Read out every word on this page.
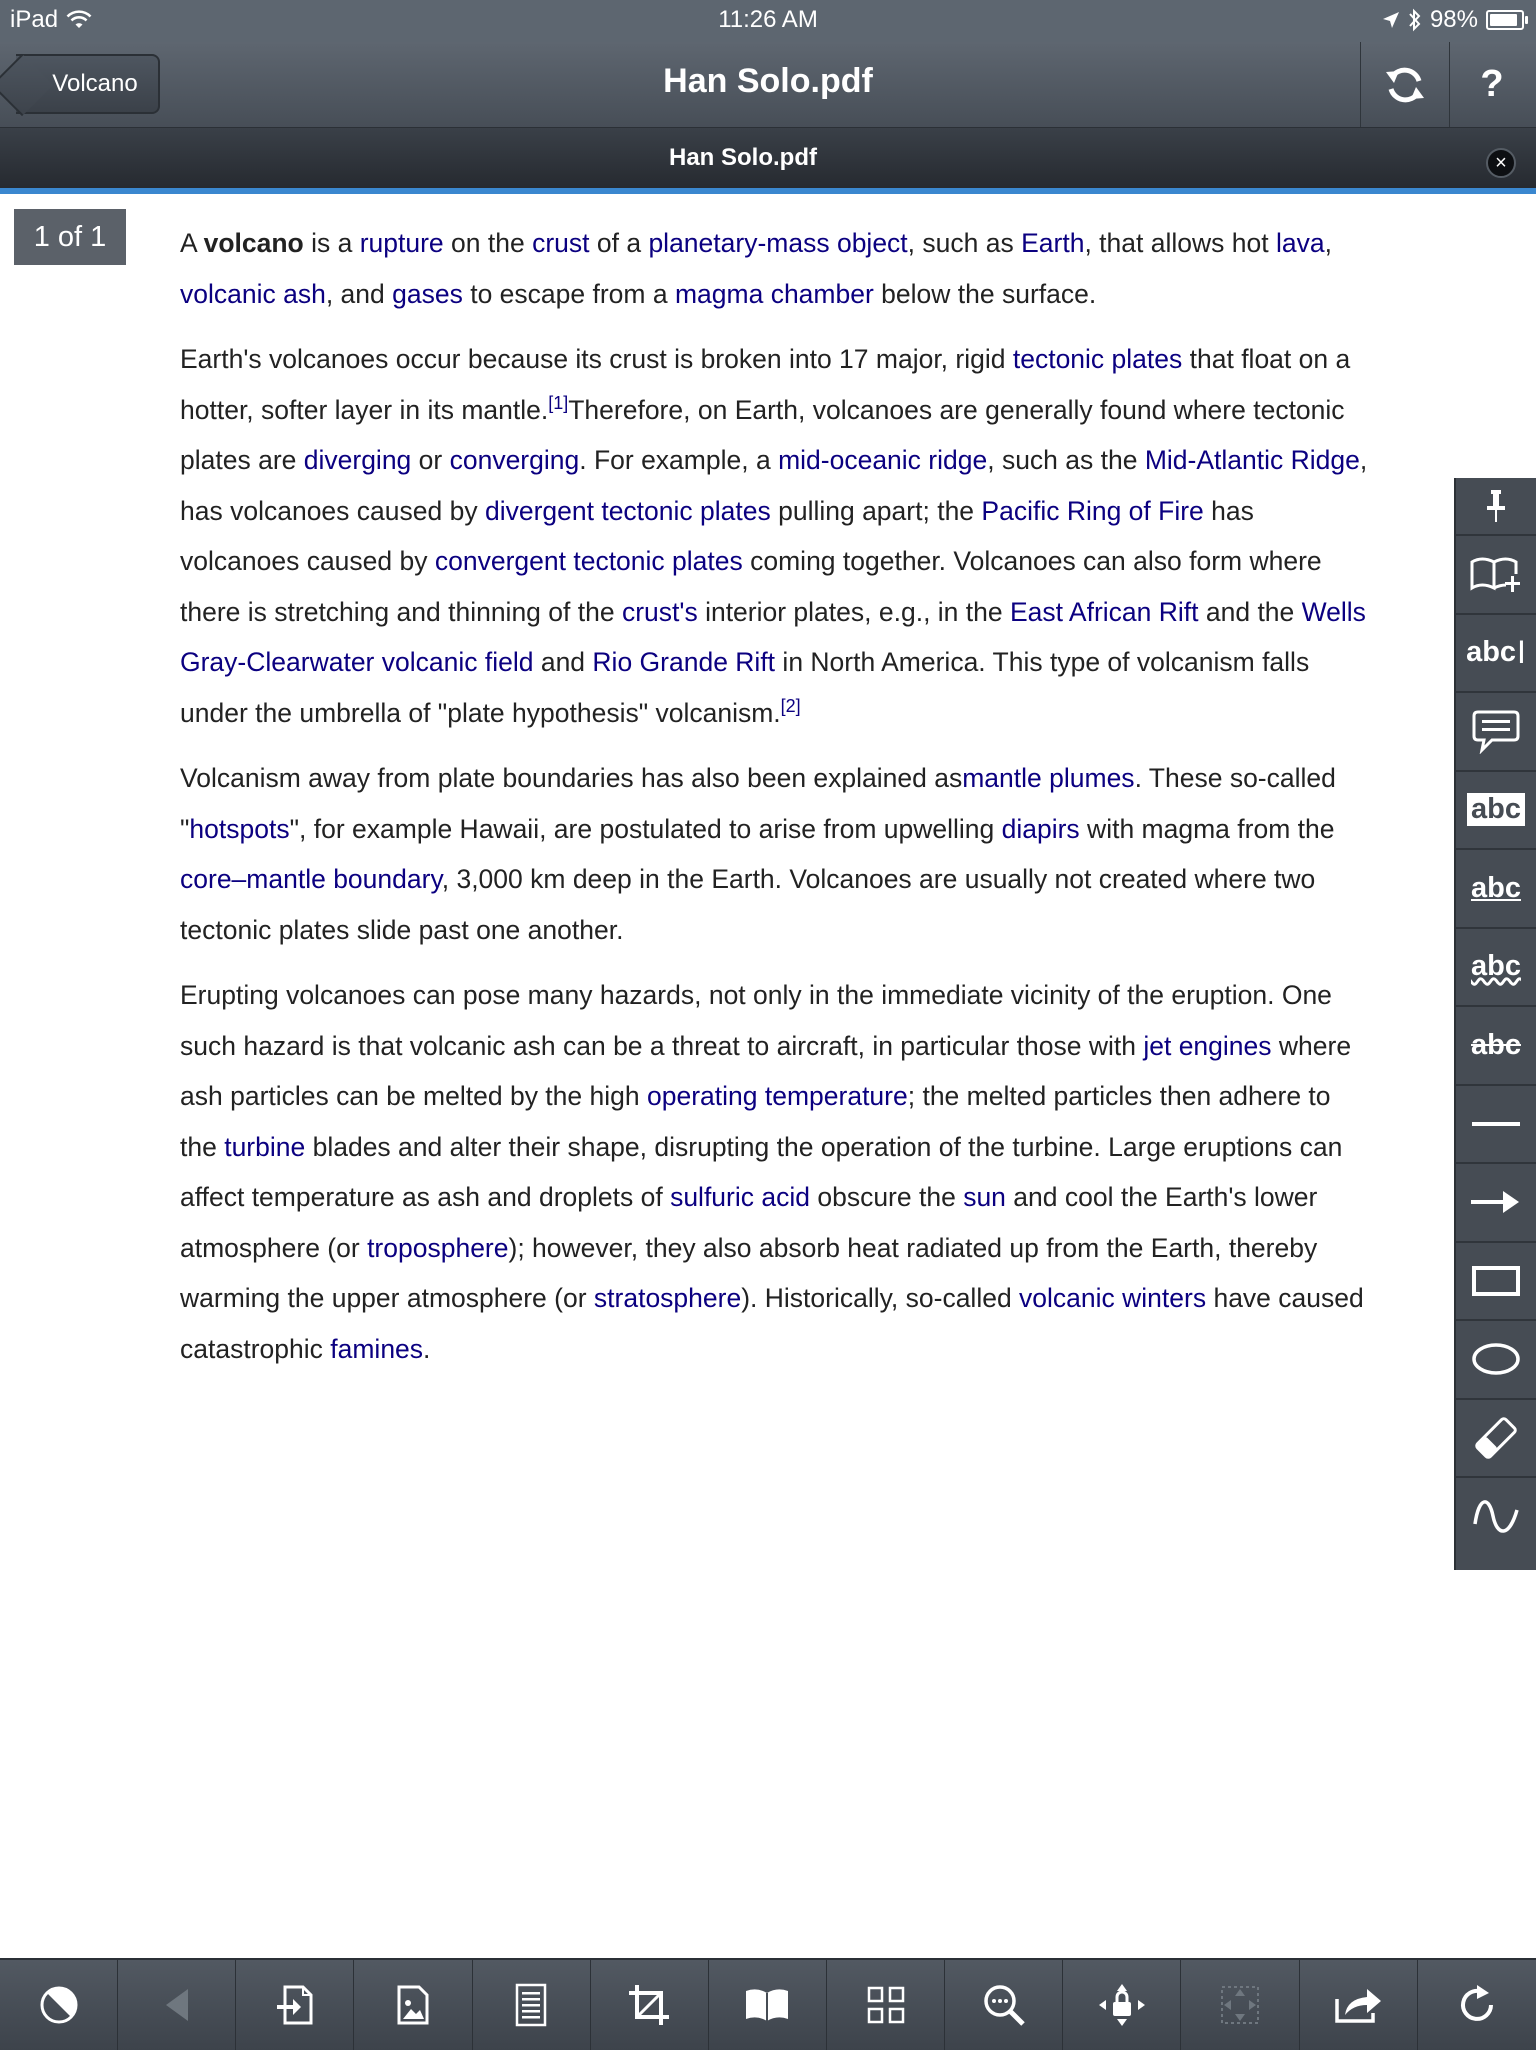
iPad	11:26 AM	98%
Volcano	Han Solo.pdf	?
Han Solo.pdf	×
1 of 1	A volcano is a rupture on the crust of a planetary-mass object, such as Earth, that allows hot lava, volcanic ash, and gases to escape from a magma chamber below the surface.

Earth's volcanoes occur because its crust is broken into 17 major, rigid tectonic plates that float on a hotter, softer layer in its mantle.[1]Therefore, on Earth, volcanoes are generally found where tectonic plates are diverging or converging. For example, a mid-oceanic ridge, such as the Mid-Atlantic Ridge, has volcanoes caused by divergent tectonic plates pulling apart; the Pacific Ring of Fire has volcanoes caused by convergent tectonic plates coming together. Volcanoes can also form where there is stretching and thinning of the crust's interior plates, e.g., in the East African Rift and the Wells Gray-Clearwater volcanic field and Rio Grande Rift in North America. This type of volcanism falls under the umbrella of "plate hypothesis" volcanism.[2]

Volcanism away from plate boundaries has also been explained asmantle plumes. These so-called "hotspots", for example Hawaii, are postulated to arise from upwelling diapirs with magma from the core–mantle boundary, 3,000 km deep in the Earth. Volcanoes are usually not created where two tectonic plates slide past one another.

Erupting volcanoes can pose many hazards, not only in the immediate vicinity of the eruption. One such hazard is that volcanic ash can be a threat to aircraft, in particular those with jet engines where ash particles can be melted by the high operating temperature; the melted particles then adhere to the turbine blades and alter their shape, disrupting the operation of the turbine. Large eruptions can affect temperature as ash and droplets of sulfuric acid obscure the sun and cool the Earth's lower atmosphere (or troposphere); however, they also absorb heat radiated up from the Earth, thereby warming the upper atmosphere (or stratosphere). Historically, so-called volcanic winters have caused catastrophic famines.

abc I
abc
abc
abc
abc
